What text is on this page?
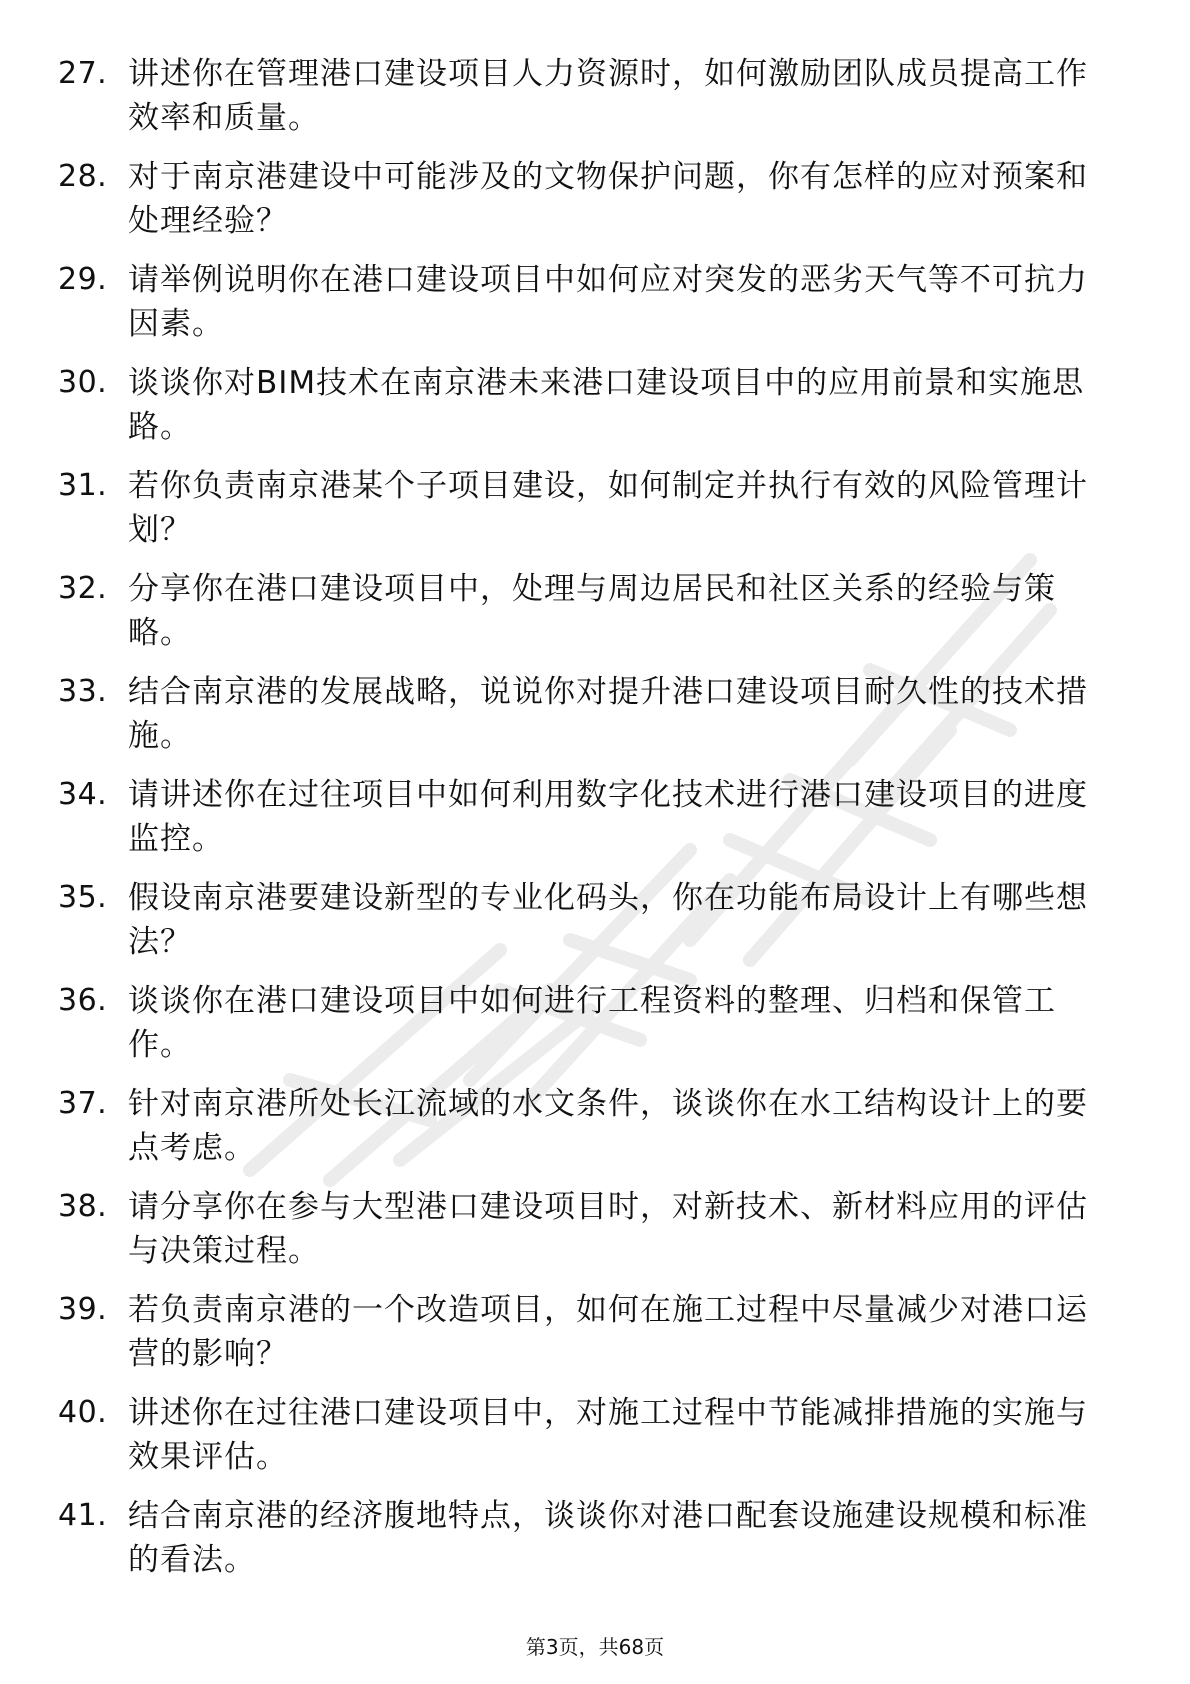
27. 讲述你在管理港口建设项目人力资源时，如何激励团队成员提高工作效率和质量。
28. 对于南京港建设中可能涉及的文物保护问题，你有怎样的应对预案和处理经验？
29. 请举例说明你在港口建设项目中如何应对突发的恶劣天气等不可抗力因素。
30. 谈谈你对BIM技术在南京港未来港口建设项目中的应用前景和实施思路。
31. 若你负责南京港某个子项目建设，如何制定并执行有效的风险管理计划？
32. 分享你在港口建设项目中，处理与周边居民和社区关系的经验与策略。
33. 结合南京港的发展战略，说说你对提升港口建设项目耐久性的技术措施。
34. 请讲述你在过往项目中如何利用数字化技术进行港口建设项目的进度监控。
35. 假设南京港要建设新型的专业化码头，你在功能布局设计上有哪些想法？
36. 谈谈你在港口建设项目中如何进行工程资料的整理、归档和保管工作。
37. 针对南京港所处长江流域的水文条件，谈谈你在水工结构设计上的要点考虑。
38. 请分享你在参与大型港口建设项目时，对新技术、新材料应用的评估与决策过程。
39. 若负责南京港的一个改造项目，如何在施工过程中尽量减少对港口运营的影响？
40. 讲述你在过往港口建设项目中，对施工过程中节能减排措施的实施与效果评估。
41. 结合南京港的经济腹地特点，谈谈你对港口配套设施建设规模和标准的看法。
第3页，共68页
